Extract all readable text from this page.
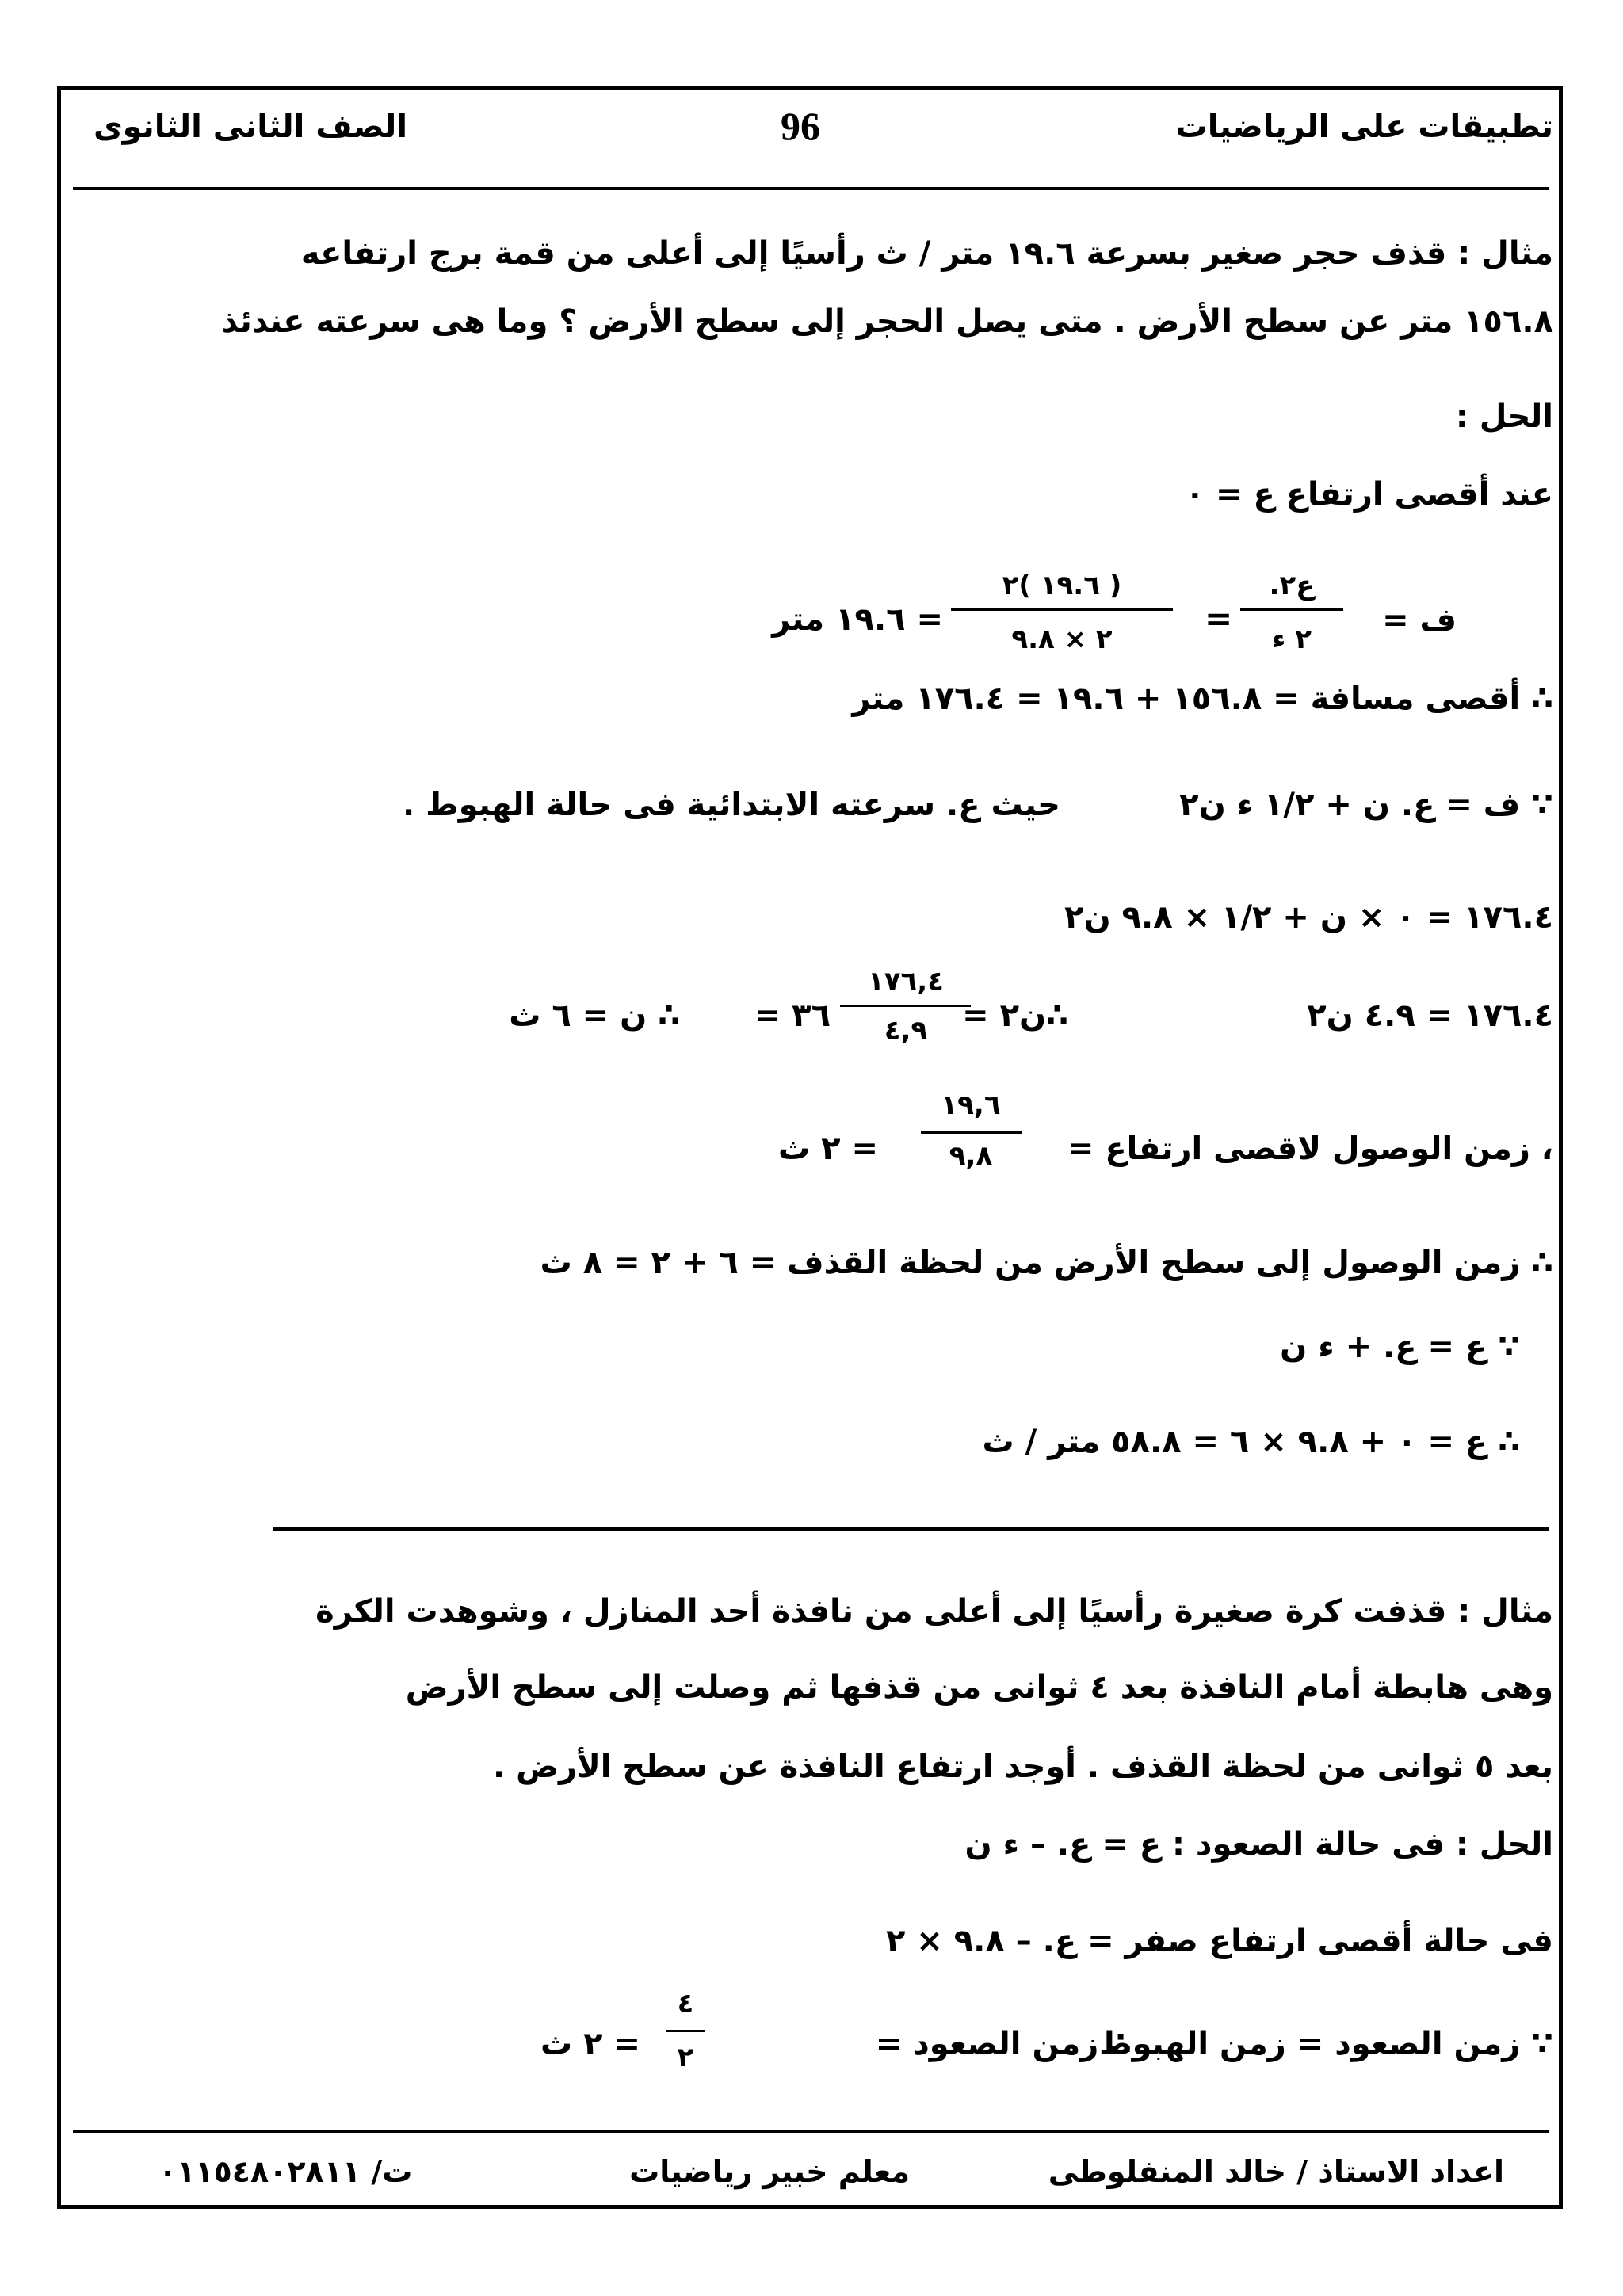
تطبيقات على الرياضيات
96
الصف الثانى الثانوى
مثال : قذف حجر صغير بسرعة ١٩.٦ متر / ث رأسيًا إلى أعلى من قمة برج ارتفاعه
١٥٦.٨ متر عن سطح الأرض . متى يصل الحجر إلى سطح الأرض ؟ وما هى سرعته عندئذ
الحل :
عند أقصى ارتفاع ع = ٠
ف =
ع٢.
٢ ء
=
( ١٩.٦ )٢
٢ × ٩.٨
= ١٩.٦ متر
∴ أقصى مسافة = ١٥٦.٨ + ١٩.٦ = ١٧٦.٤ متر
∵ ف = ع. ن + ١/٢ ء ن٢
حيث ع. سرعته الابتدائية فى حالة الهبوط .
١٧٦.٤ = ٠ × ن + ١/٢ × ٩.٨ ن٢
١٧٦.٤ = ٤.٩ ن٢
∴ن٢ =
١٧٦,٤
٤,٩
= ٣٦
∴ ن = ٦ ث
، زمن الوصول لاقصى ارتفاع =
١٩,٦
٩,٨
= ٢ ث
∴ زمن الوصول إلى سطح الأرض من لحظة القذف = ٦ + ٢ = ٨ ث
∵ ع = ع. + ء ن
∴ ع = ٠ + ٩.٨ × ٦ = ٥٨.٨ متر / ث
مثال : قذفت كرة صغيرة رأسيًا إلى أعلى من نافذة أحد المنازل ، وشوهدت الكرة
وهى هابطة أمام النافذة بعد ٤ ثوانى من قذفها ثم وصلت إلى سطح الأرض
بعد ٥ ثوانى من لحظة القذف . أوجد ارتفاع النافذة عن سطح الأرض .
الحل : فى حالة الصعود : ع = ع. – ء ن
فى حالة أقصى ارتفاع صفر = ع. – ٩.٨ × ٢
∵ زمن الصعود = زمن الهبوط
∴ زمن الصعود =
٤
٢
= ٢ ث
اعداد الاستاذ / خالد المنفلوطى
معلم خبير رياضيات
ت/ ٠١١٥٤٨٠٢٨١١
